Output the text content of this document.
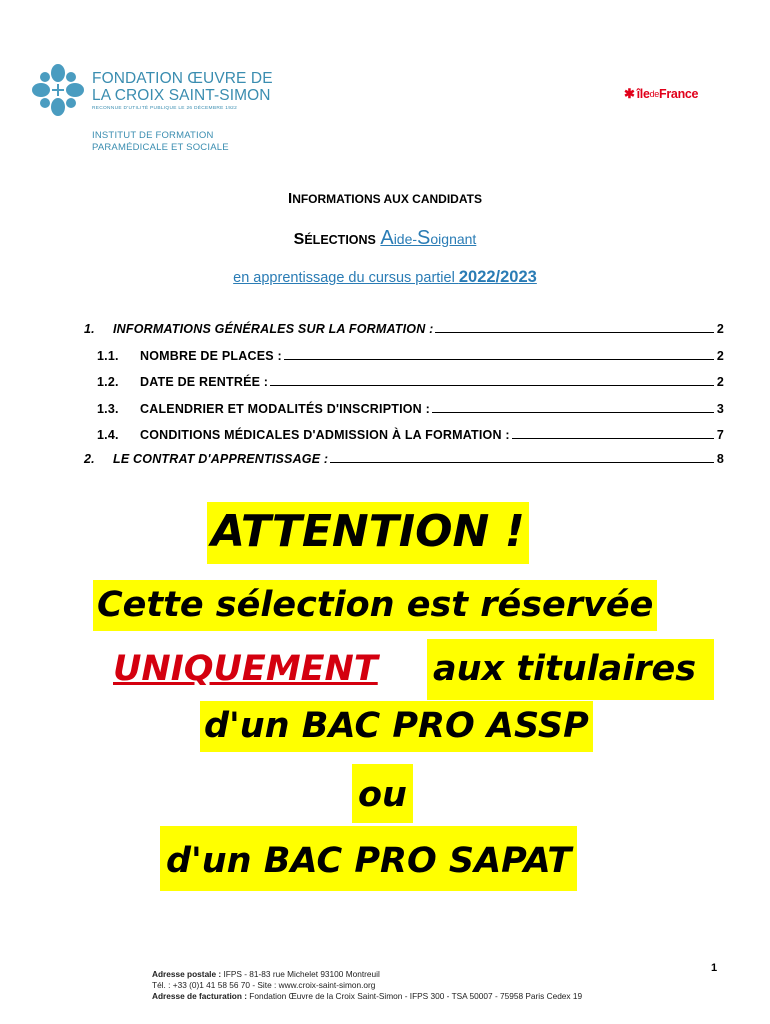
FONDATION ŒUVRE DE
LA CROIX SAINT-SIMON
RECONNUE D'UTILITÉ PUBLIQUE LE 26 DÉCEMBRE 1922
INSTITUT DE FORMATION
PARAMÉDICALE ET SOCIALE
✱ île de France
INFORMATIONS AUX CANDIDATS
SÉLECTIONS Aide-Soignant
en apprentissage du cursus partiel 2022/2023
1.	INFORMATIONS GÉNÉRALES SUR LA FORMATION :	2
1.1.	NOMBRE DE PLACES :	2
1.2.	DATE DE RENTRÉE :	2
1.3.	CALENDRIER ET MODALITÉS D'INSCRIPTION :	3
1.4.	CONDITIONS MÉDICALES D'ADMISSION À LA FORMATION :	7
2.	LE CONTRAT D'APPRENTISSAGE :	8
ATTENTION !
Cette sélection est réservée
UNIQUEMENT aux titulaires
d'un BAC PRO ASSP
ou
d'un BAC PRO SAPAT
Adresse postale : IFPS - 81-83 rue Michelet 93100 Montreuil
Tél. : +33 (0)1 41 58 56 70 - Site : www.croix-saint-simon.org
Adresse de facturation : Fondation Œuvre de la Croix Saint-Simon - IFPS 300 - TSA 50007 - 75958 Paris Cedex 19
1
